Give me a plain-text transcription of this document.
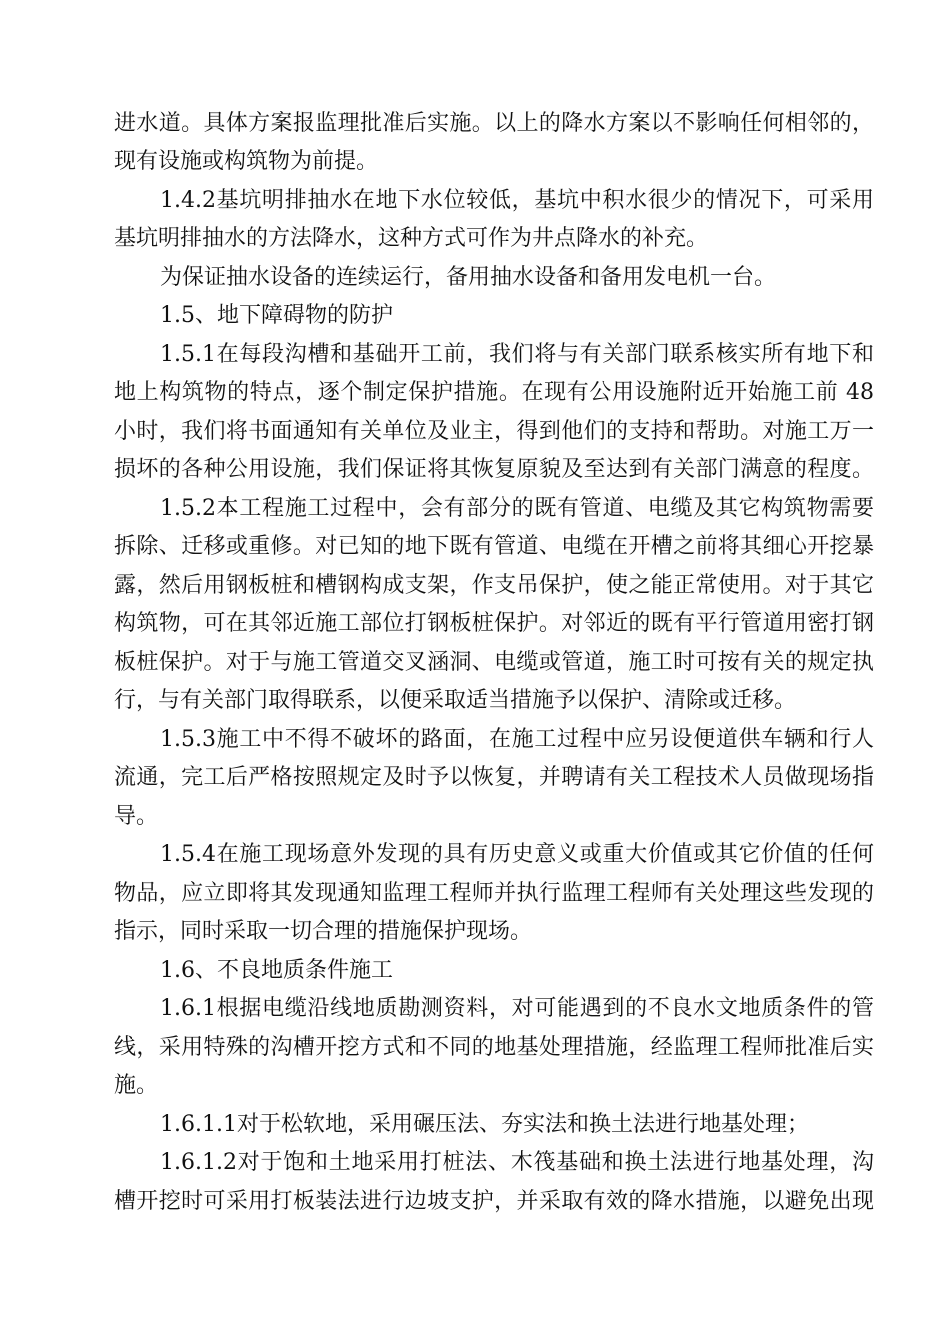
进水道。具体方案报监理批准后实施。以上的降水方案以不影响任何相邻的，
现有设施或构筑物为前提。
1.4.2基坑明排抽水在地下水位较低，基坑中积水很少的情况下，可采用
基坑明排抽水的方法降水，这种方式可作为井点降水的补充。
为保证抽水设备的连续运行，备用抽水设备和备用发电机一台。
1.5、地下障碍物的防护
1.5.1在每段沟槽和基础开工前，我们将与有关部门联系核实所有地下和
地上构筑物的特点，逐个制定保护措施。在现有公用设施附近开始施工前 48
小时，我们将书面通知有关单位及业主，得到他们的支持和帮助。对施工万一
损坏的各种公用设施，我们保证将其恢复原貌及至达到有关部门满意的程度。
1.5.2本工程施工过程中，会有部分的既有管道、电缆及其它构筑物需要
拆除、迁移或重修。对已知的地下既有管道、电缆在开槽之前将其细心开挖暴
露，然后用钢板桩和槽钢构成支架，作支吊保护，使之能正常使用。对于其它
构筑物，可在其邻近施工部位打钢板桩保护。对邻近的既有平行管道用密打钢
板桩保护。对于与施工管道交叉涵洞、电缆或管道，施工时可按有关的规定执
行，与有关部门取得联系，以便采取适当措施予以保护、清除或迁移。
1.5.3施工中不得不破坏的路面，在施工过程中应另设便道供车辆和行人
流通，完工后严格按照规定及时予以恢复，并聘请有关工程技术人员做现场指
导。
1.5.4在施工现场意外发现的具有历史意义或重大价值或其它价值的任何
物品，应立即将其发现通知监理工程师并执行监理工程师有关处理这些发现的
指示，同时采取一切合理的措施保护现场。
1.6、不良地质条件施工
1.6.1根据电缆沿线地质勘测资料，对可能遇到的不良水文地质条件的管
线，采用特殊的沟槽开挖方式和不同的地基处理措施，经监理工程师批准后实
施。
1.6.1.1对于松软地，采用碾压法、夯实法和换土法进行地基处理；
1.6.1.2对于饱和土地采用打桩法、木筏基础和换土法进行地基处理，沟
槽开挖时可采用打板装法进行边坡支护，并采取有效的降水措施，以避免出现
